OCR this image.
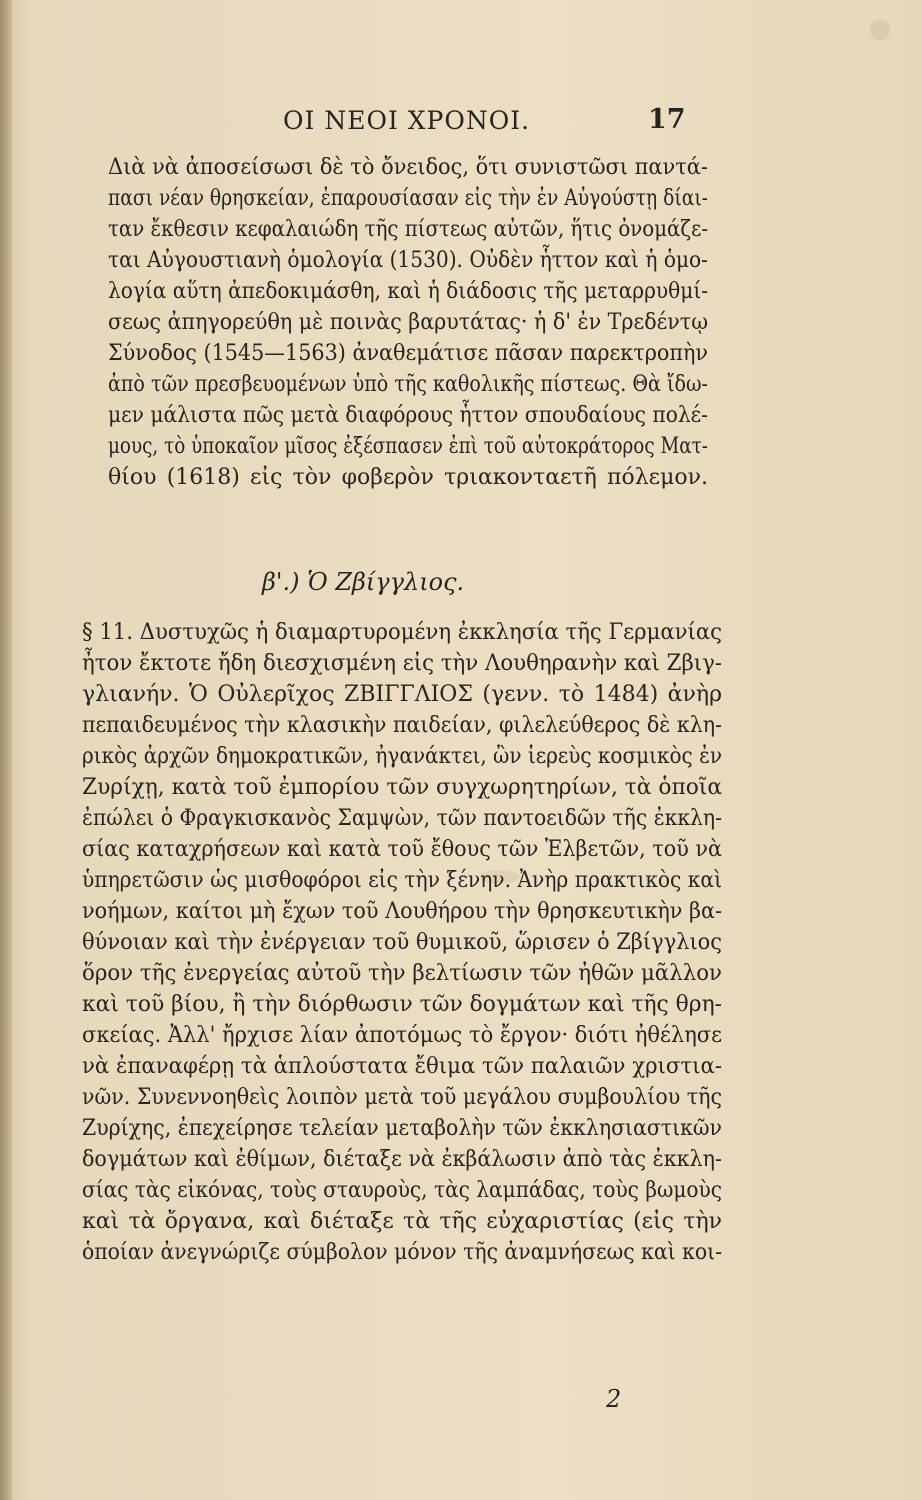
ΟΙ ΝΕΟΙ ΧΡΟΝΟΙ.	17
Διὰ νὰ ἀποσείσωσι δὲ τὸ ὄνειδος, ὅτι συνιστῶσι παντά-
πασι νέαν θρησκείαν, ἐπαρουσίασαν εἰς τὴν ἐν Αὐγούστῃ δίαι-
ταν ἔκθεσιν κεφαλαιώδη τῆς πίστεως αὐτῶν, ἥτις ὀνομάζε-
ται Αὐγουστιανὴ ὁμολογία (1530). Οὐδὲν ἧττον καὶ ἡ ὁμο-
λογία αὕτη ἀπεδοκιμάσθη, καὶ ἡ διάδοσις τῆς μεταρρυθμί-
σεως ἀπηγορεύθη μὲ ποινὰς βαρυτάτας· ἡ δ' ἐν Τρεδέντῳ
Σύνοδος (1545—1563) ἀναθεμάτισε πᾶσαν παρεκτροπὴν
ἀπὸ τῶν πρεσβευομένων ὑπὸ τῆς καθολικῆς πίστεως. Θὰ ἴδω-
μεν μάλιστα πῶς μετὰ διαφόρους ἧττον σπουδαίους πολέ-
μους, τὸ ὑποκαῖον μῖσος ἐξέσπασεν ἐπὶ τοῦ αὐτοκράτορος Ματ-
θίου (1618) εἰς τὸν φοβερὸν τριακονταετῆ πόλεμον.
β'.) Ὁ Ζβίγγλιος.
§ 11. Δυστυχῶς ἡ διαμαρτυρομένη ἐκκλησία τῆς Γερμανίας
ἦτον ἔκτοτε ἤδη διεσχισμένη εἰς τὴν Λουθηρανὴν καὶ Ζβιγ-
γλιανήν. Ὁ Οὐλερῖχος ΖΒΙΓΓΛΙΟΣ (γενν. τὸ 1484) ἀνὴρ
πεπαιδευμένος τὴν κλασικὴν παιδείαν, φιλελεύθερος δὲ κλη-
ρικὸς ἀρχῶν δημοκρατικῶν, ἠγανάκτει, ὢν ἱερεὺς κοσμικὸς ἐν
Ζυρίχῃ, κατὰ τοῦ ἐμπορίου τῶν συγχωρητηρίων, τὰ ὁποῖα
ἐπώλει ὁ Φραγκισκανὸς Σαμψὼν, τῶν παντοειδῶν τῆς ἐκκλη-
σίας καταχρήσεων καὶ κατὰ τοῦ ἔθους τῶν Ἑλβετῶν, τοῦ νὰ
ὑπηρετῶσιν ὡς μισθοφόροι εἰς τὴν ξένην. Ἀνὴρ πρακτικὸς καὶ
νοήμων, καίτοι μὴ ἔχων τοῦ Λουθήρου τὴν θρησκευτικὴν βα-
θύνοιαν καὶ τὴν ἐνέργειαν τοῦ θυμικοῦ, ὥρισεν ὁ Ζβίγγλιος
ὅρον τῆς ἐνεργείας αὐτοῦ τὴν βελτίωσιν τῶν ἠθῶν μᾶλλον
καὶ τοῦ βίου, ἢ τὴν διόρθωσιν τῶν δογμάτων καὶ τῆς θρη-
σκείας. Ἀλλ' ἤρχισε λίαν ἀποτόμως τὸ ἔργον· διότι ἠθέλησε
νὰ ἐπαναφέρῃ τὰ ἁπλούστατα ἔθιμα τῶν παλαιῶν χριστια-
νῶν. Συνεννοηθεὶς λοιπὸν μετὰ τοῦ μεγάλου συμβουλίου τῆς
Ζυρίχης, ἐπεχείρησε τελείαν μεταβολὴν τῶν ἐκκλησιαστικῶν
δογμάτων καὶ ἐθίμων, διέταξε νὰ ἐκβάλωσιν ἀπὸ τὰς ἐκκλη-
σίας τὰς εἰκόνας, τοὺς σταυροὺς, τὰς λαμπάδας, τοὺς βωμοὺς
καὶ τὰ ὄργανα, καὶ διέταξε τὰ τῆς εὐχαριστίας (εἰς τὴν
ὁποίαν ἀνεγνώριζε σύμβολον μόνον τῆς ἀναμνήσεως καὶ κοι-
2
